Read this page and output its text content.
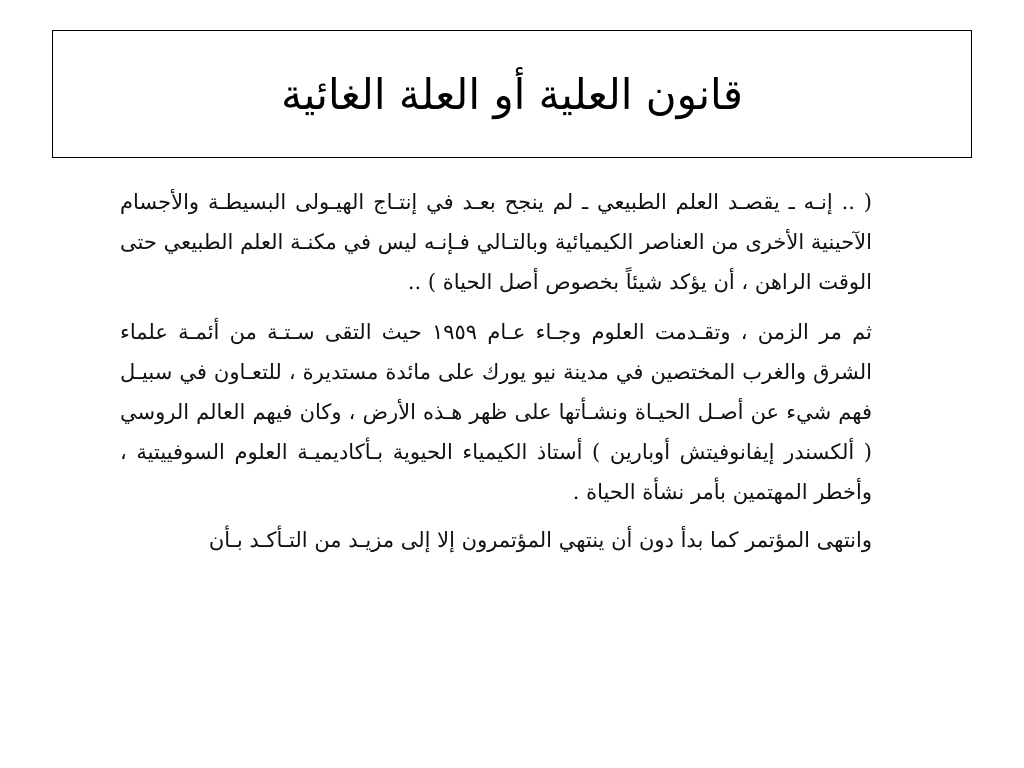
قانون العلية أو العلة الغائية

( .. إنـه ـ يقصـد العلم الطبيعي ـ لم ينجح بعـد في إنتـاج الهيـولى البسيطـة والأجسام الآحينية الأخرى من العناصر الكيميائية وبالتـالي فـإنـه ليس في مكنـة العلم الطبيعي حتى الوقت الراهن ، أن يؤكد شيئاً بخصوص أصل الحياة ) ..

ثم مر الزمن ، وتقـدمت العلوم وجـاء عـام ١٩٥٩ حيث التقى سـتـة من أئمـة علماء الشرق والغرب المختصين في مدينة نيو يورك على مائدة مستديرة ، للتعـاون في سبيـل فهم شيء عن أصـل الحيـاة ونشـأتها على ظهر هـذه الأرض ، وكان فيهم العالم الروسي ( ألكسندر إيفانوفيتش أوبارين ) أستاذ الكيمياء الحيوية بـأكاديميـة العلوم السوفييتية ، وأخطر المهتمين بأمر نشأة الحياة .

وانتهى المؤتمر كما بدأ دون أن ينتهي المؤتمرون إلا إلى مزيـد من التـأكـد بـأن
